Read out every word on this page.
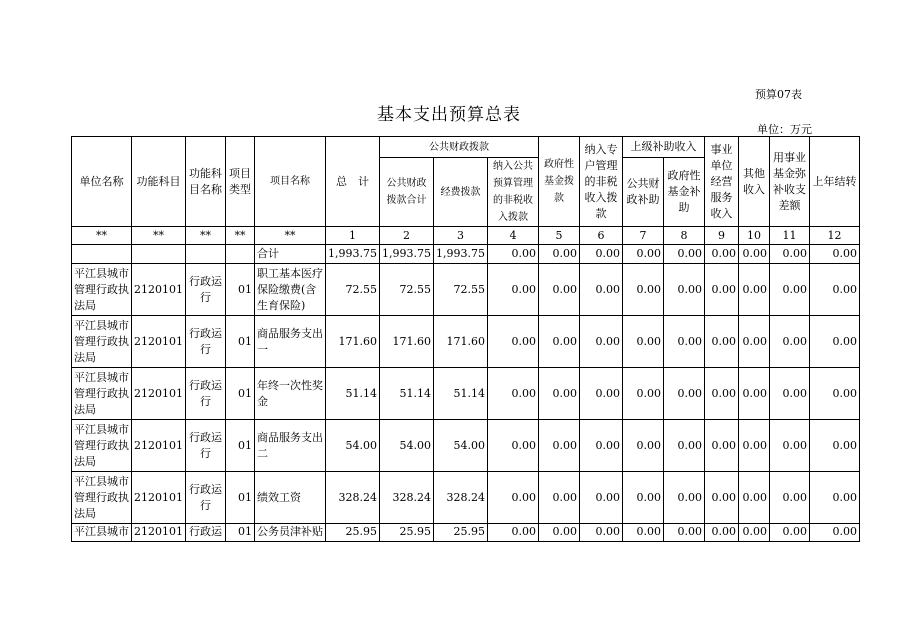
预算07表
基本支出预算总表
单位：万元
单位名称	功能科目	功能科目名称	项目类型	项目名称	总　计	公共财政拨款			政府性基金拨款	纳入专户管理的非税收入拨款	上级补助收入		事业单位经营服务收入	其他收入	用事业基金弥补收支差额	上年结转
						公共财政拨款合计	经费拨款	纳入公共预算管理的非税收入拨款			公共财政补助	政府性基金补助				
**	**	**	**	**	1	2	3	4	5	6	7	8	9	10	11	12
				合计	1,993.75	1,993.75	1,993.75	0.00	0.00	0.00	0.00	0.00	0.00	0.00	0.00	0.00
平江县城市管理行政执法局	2120101	行政运行	01	职工基本医疗保险缴费(含生育保险)	72.55	72.55	72.55	0.00	0.00	0.00	0.00	0.00	0.00	0.00	0.00	0.00
平江县城市管理行政执法局	2120101	行政运行	01	商品服务支出一	171.60	171.60	171.60	0.00	0.00	0.00	0.00	0.00	0.00	0.00	0.00	0.00
平江县城市管理行政执法局	2120101	行政运行	01	年终一次性奖金	51.14	51.14	51.14	0.00	0.00	0.00	0.00	0.00	0.00	0.00	0.00	0.00
平江县城市管理行政执法局	2120101	行政运行	01	商品服务支出二	54.00	54.00	54.00	0.00	0.00	0.00	0.00	0.00	0.00	0.00	0.00	0.00
平江县城市管理行政执法局	2120101	行政运行	01	绩效工资	328.24	328.24	328.24	0.00	0.00	0.00	0.00	0.00	0.00	0.00	0.00	0.00
平江县城市	2120101	行政运	01	公务员津补贴	25.95	25.95	25.95	0.00	0.00	0.00	0.00	0.00	0.00	0.00	0.00	0.00
